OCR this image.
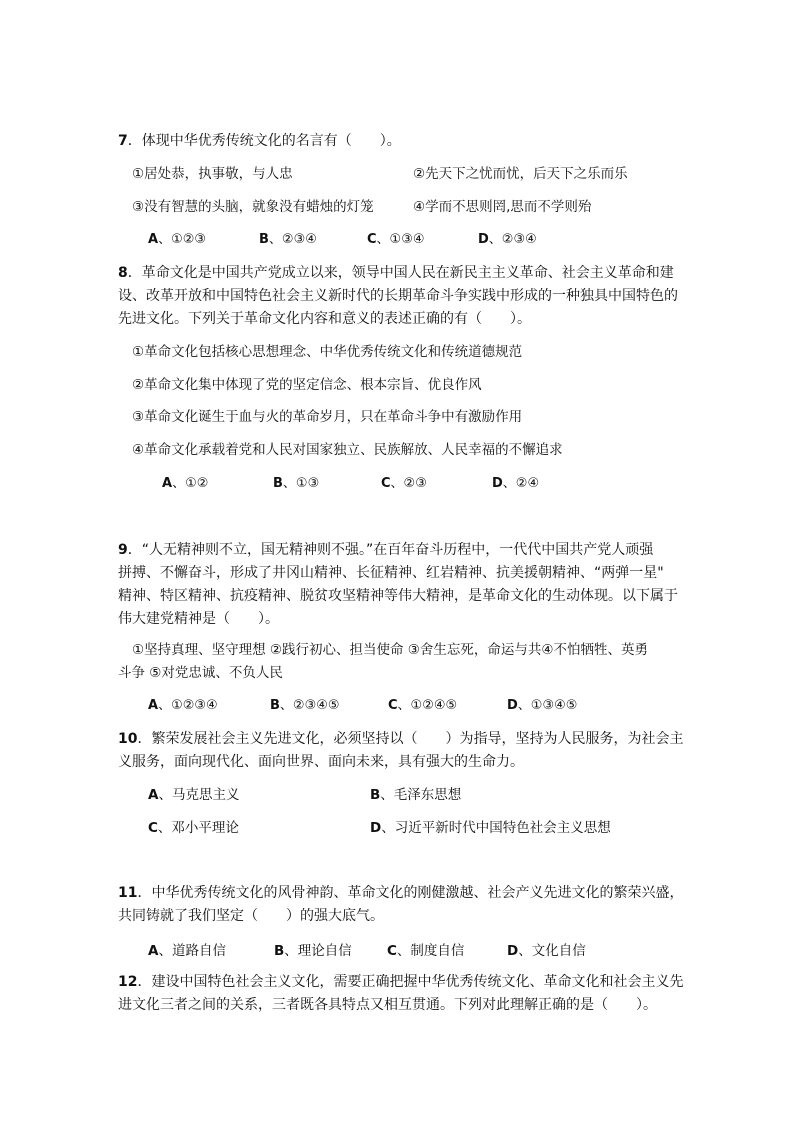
7．体现中华优秀传统文化的名言有（　　）。
①居处恭，执事敬，与人忠	②先天下之忧而忧，后天下之乐而乐
③没有智慧的头脑，就象没有蜡烛的灯笼	④学而不思则罔,思而不学则殆
A、①②③	B、②③④	C、①③④	D、②③④
8．革命文化是中国共产党成立以来，领导中国人民在新民主主义革命、社会主义革命和建
设、改革开放和中国特色社会主义新时代的长期革命斗争实践中形成的一种独具中国特色的
先进文化。下列关于革命文化内容和意义的表述正确的有（　　）。
①革命文化包括核心思想理念、中华优秀传统文化和传统道德规范
②革命文化集中体现了党的坚定信念、根本宗旨、优良作风
③革命文化诞生于血与火的革命岁月，只在革命斗争中有激励作用
④革命文化承载着党和人民对国家独立、民族解放、人民幸福的不懈追求
A、①②	B、①③	C、②③	D、②④
9．“人无精神则不立，国无精神则不强。”在百年奋斗历程中，一代代中国共产党人顽强
拼搏、不懈奋斗，形成了井冈山精神、长征精神、红岩精神、抗美援朝精神、“两弹一星"
精神、特区精神、抗疫精神、脱贫攻坚精神等伟大精神，是革命文化的生动体现。以下属于
伟大建党精神是（　　）。
①坚持真理、坚守理想 ②践行初心、担当使命 ③舍生忘死，命运与共④不怕牺牲、英勇
斗争 ⑤对党忠诚、不负人民
A、①②③④	B、②③④⑤	C、①②④⑤	D、①③④⑤
10．繁荣发展社会主义先进文化，必须坚持以（　　）为指导，坚持为人民服务，为社会主
义服务，面向现代化、面向世界、面向未来，具有强大的生命力。
A、马克思主义	B、毛泽东思想
C、邓小平理论	D、习近平新时代中国特色社会主义思想
11．中华优秀传统文化的风骨神韵、革命文化的刚健激越、社会产义先进文化的繁荣兴盛，
共同铸就了我们坚定（　　）的强大底气。
A、道路自信	B、理论自信	C、制度自信	D、文化自信
12．建设中国特色社会主义文化，需要正确把握中华优秀传统文化、革命文化和社会主义先
进文化三者之间的关系，三者既各具特点又相互贯通。下列对此理解正确的是（　　）。
